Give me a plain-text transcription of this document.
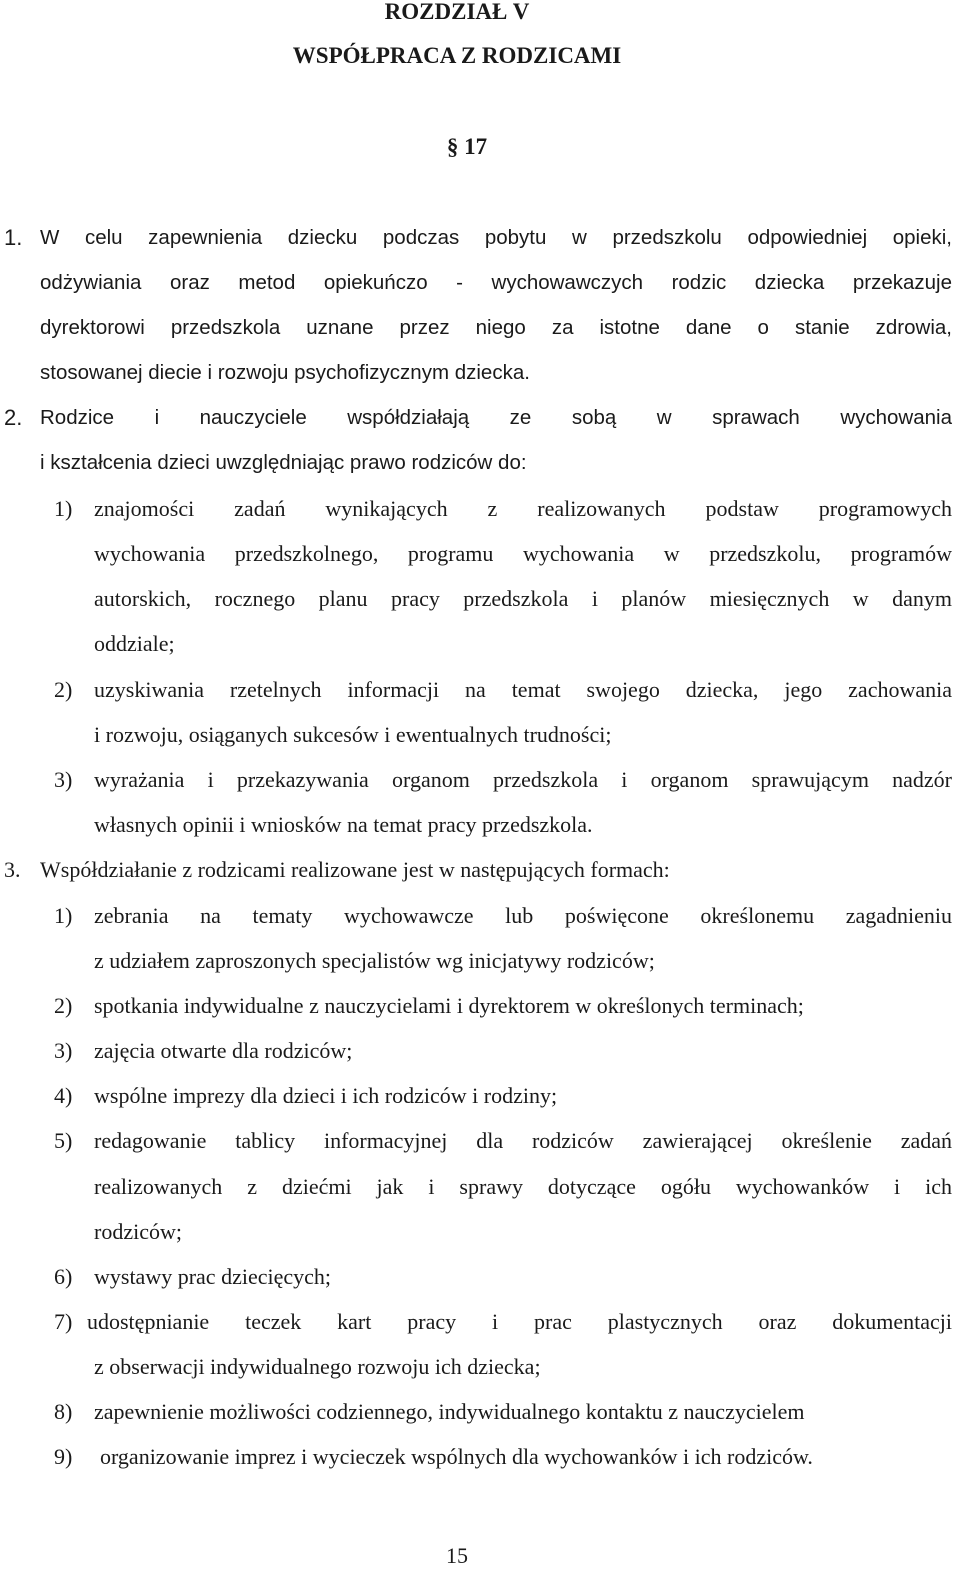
ROZDZIAŁ V
WSPÓŁPRACA Z RODZICAMI
§ 17
1. W celu zapewnienia dziecku podczas pobytu w przedszkolu odpowiedniej opieki,
odżywiania oraz metod opiekuńczo - wychowawczych rodzic dziecka przekazuje
dyrektorowi przedszkola uznane przez niego za istotne dane o stanie zdrowia,
stosowanej diecie i rozwoju psychofizycznym dziecka.
2. Rodzice i nauczyciele współdziałają ze sobą w sprawach wychowania
i kształcenia dzieci uwzględniając prawo rodziców do:
1) znajomości zadań wynikających z realizowanych podstaw programowych
wychowania przedszkolnego, programu wychowania w przedszkolu, programów
autorskich, rocznego planu pracy przedszkola i planów miesięcznych w danym
oddziale;
2) uzyskiwania rzetelnych informacji na temat swojego dziecka, jego zachowania
i rozwoju, osiąganych sukcesów i ewentualnych trudności;
3) wyrażania i przekazywania organom przedszkola i organom sprawującym nadzór
własnych opinii i wniosków na temat pracy przedszkola.
3. Współdziałanie z rodzicami realizowane jest w następujących formach:
1) zebrania na tematy wychowawcze lub poświęcone określonemu zagadnieniu
z udziałem zaproszonych specjalistów wg inicjatywy rodziców;
2) spotkania indywidualne z nauczycielami i dyrektorem w określonych terminach;
3) zajęcia otwarte dla rodziców;
4) wspólne imprezy dla dzieci i ich rodziców i rodziny;
5) redagowanie tablicy informacyjnej dla rodziców zawierającej określenie zadań
realizowanych z dziećmi jak i sprawy dotyczące ogółu wychowanków i ich
rodziców;
6) wystawy prac dziecięcych;
7) udostępnianie teczek kart pracy i prac plastycznych oraz dokumentacji
z obserwacji indywidualnego rozwoju ich dziecka;
8) zapewnienie możliwości codziennego, indywidualnego kontaktu z nauczycielem
9) organizowanie imprez i wycieczek wspólnych dla wychowanków i ich rodziców.
15
